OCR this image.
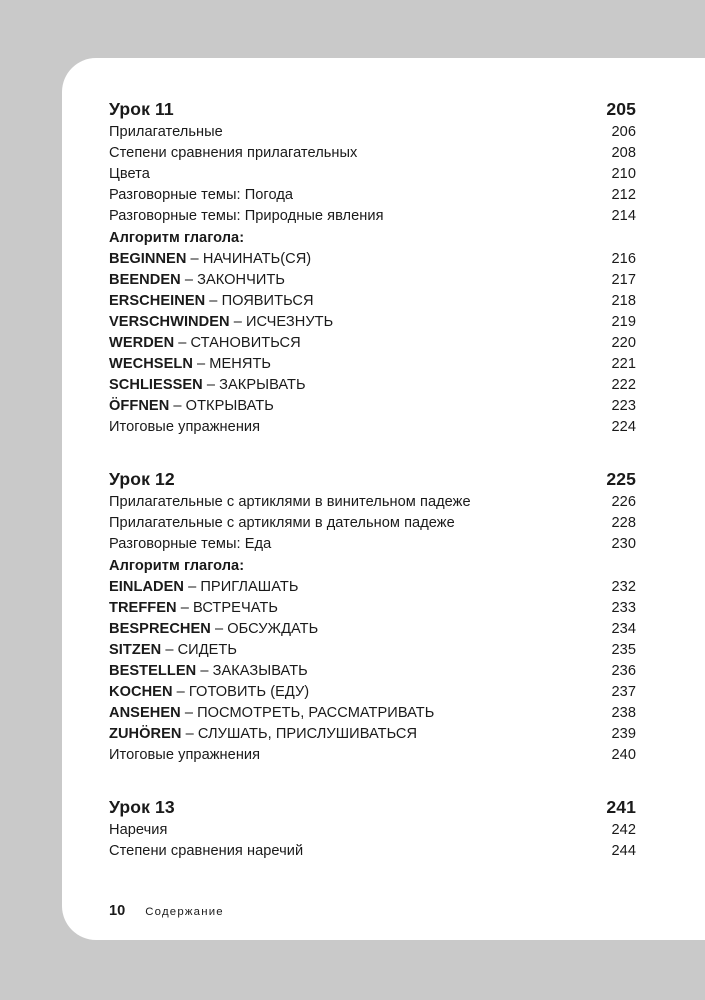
Урок 11	205
Прилагательные	206
Степени сравнения прилагательных	208
Цвета	210
Разговорные темы: Погода	212
Разговорные темы: Природные явления	214
Алгоритм глагола:
BEGINNEN – НАЧИНАТЬ(СЯ)	216
BEENDEN – ЗАКОНЧИТЬ	217
ERSCHEINEN – ПОЯВИТЬСЯ	218
VERSCHWINDEN – ИСЧЕЗНУТЬ	219
WERDEN – СТАНОВИТЬСЯ	220
WECHSELN – МЕНЯТЬ	221
SCHLIESSEN – ЗАКРЫВАТЬ	222
ÖFFNEN – ОТКРЫВАТЬ	223
Итоговые упражнения	224
Урок 12	225
Прилагательные с артиклями в винительном падеже	226
Прилагательные с артиклями в дательном падеже	228
Разговорные темы: Еда	230
Алгоритм глагола:
EINLADEN – ПРИГЛАШАТЬ	232
TREFFEN – ВСТРЕЧАТЬ	233
BESPRECHEN – ОБСУЖДАТЬ	234
SITZEN – СИДЕТЬ	235
BESTELLEN – ЗАКАЗЫВАТЬ	236
KOCHEN – ГОТОВИТЬ (ЕДУ)	237
ANSEHEN – ПОСМОТРЕТЬ, РАССМАТРИВАТЬ	238
ZUHÖREN – СЛУШАТЬ, ПРИСЛУШИВАТЬСЯ	239
Итоговые упражнения	240
Урок 13	241
Наречия	242
Степени сравнения наречий	244
10 Содержание
